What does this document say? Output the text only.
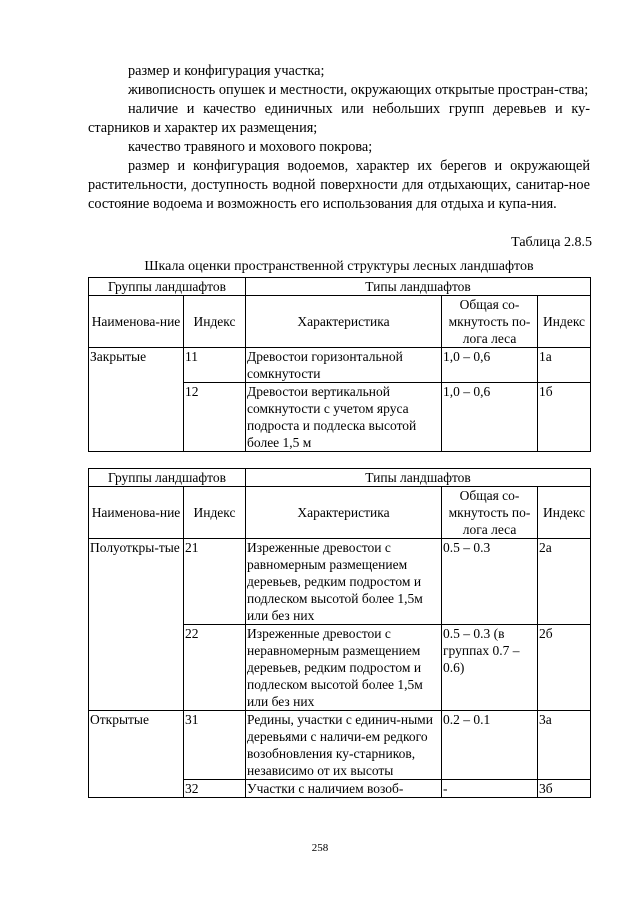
размер и конфигурация участка;

живописность опушек и местности, окружающих открытые простран-ства;

наличие и качество единичных или небольших групп деревьев и ку-старников и характер их размещения;

качество травяного и мохового покрова;

размер и конфигурация водоемов, характер их берегов и окружающей растительности, доступность водной поверхности для отдыхающих, санитар-ное состояние водоема и возможность его использования для отдыха и купа-ния.

Таблица 2.8.5
Шкала оценки пространственной структуры лесных ландшафтов
Группы ландшафтов		Типы ландшафтов		
Наименова-ние	Индекс	Характеристика	Общая со-мкнутость по-лога леса	Индекс
Закрытые	11	Древостои горизонтальной сомкнутости	1,0 – 0,6	1а
	12	Древостои вертикальной сомкнутости с учетом яруса подроста и подлеска высотой более 1,5 м	1,0 – 0,6	1б
Группы ландшафтов		Типы ландшафтов		
Наименова-ние	Индекс	Характеристика	Общая со-мкнутость по-лога леса	Индекс
Полуоткры-тые	21	Изреженные древостои с равномерным размещением деревьев, редким подростом и подлеском высотой более 1,5м или без них	0.5 – 0.3	2а
	22	Изреженные древостои с неравномерным размещением деревьев, редким подростом и подлеском высотой более 1,5м или без них	0.5 – 0.3 (в группах 0.7 – 0.6)	2б
Открытые	31	Редины, участки с единич-ными деревьями с наличи-ем редкого возобновления ку-старников, независимо от их высоты	0.2 – 0.1	3а
	32	Участки с наличием возоб-	-	3б
258
